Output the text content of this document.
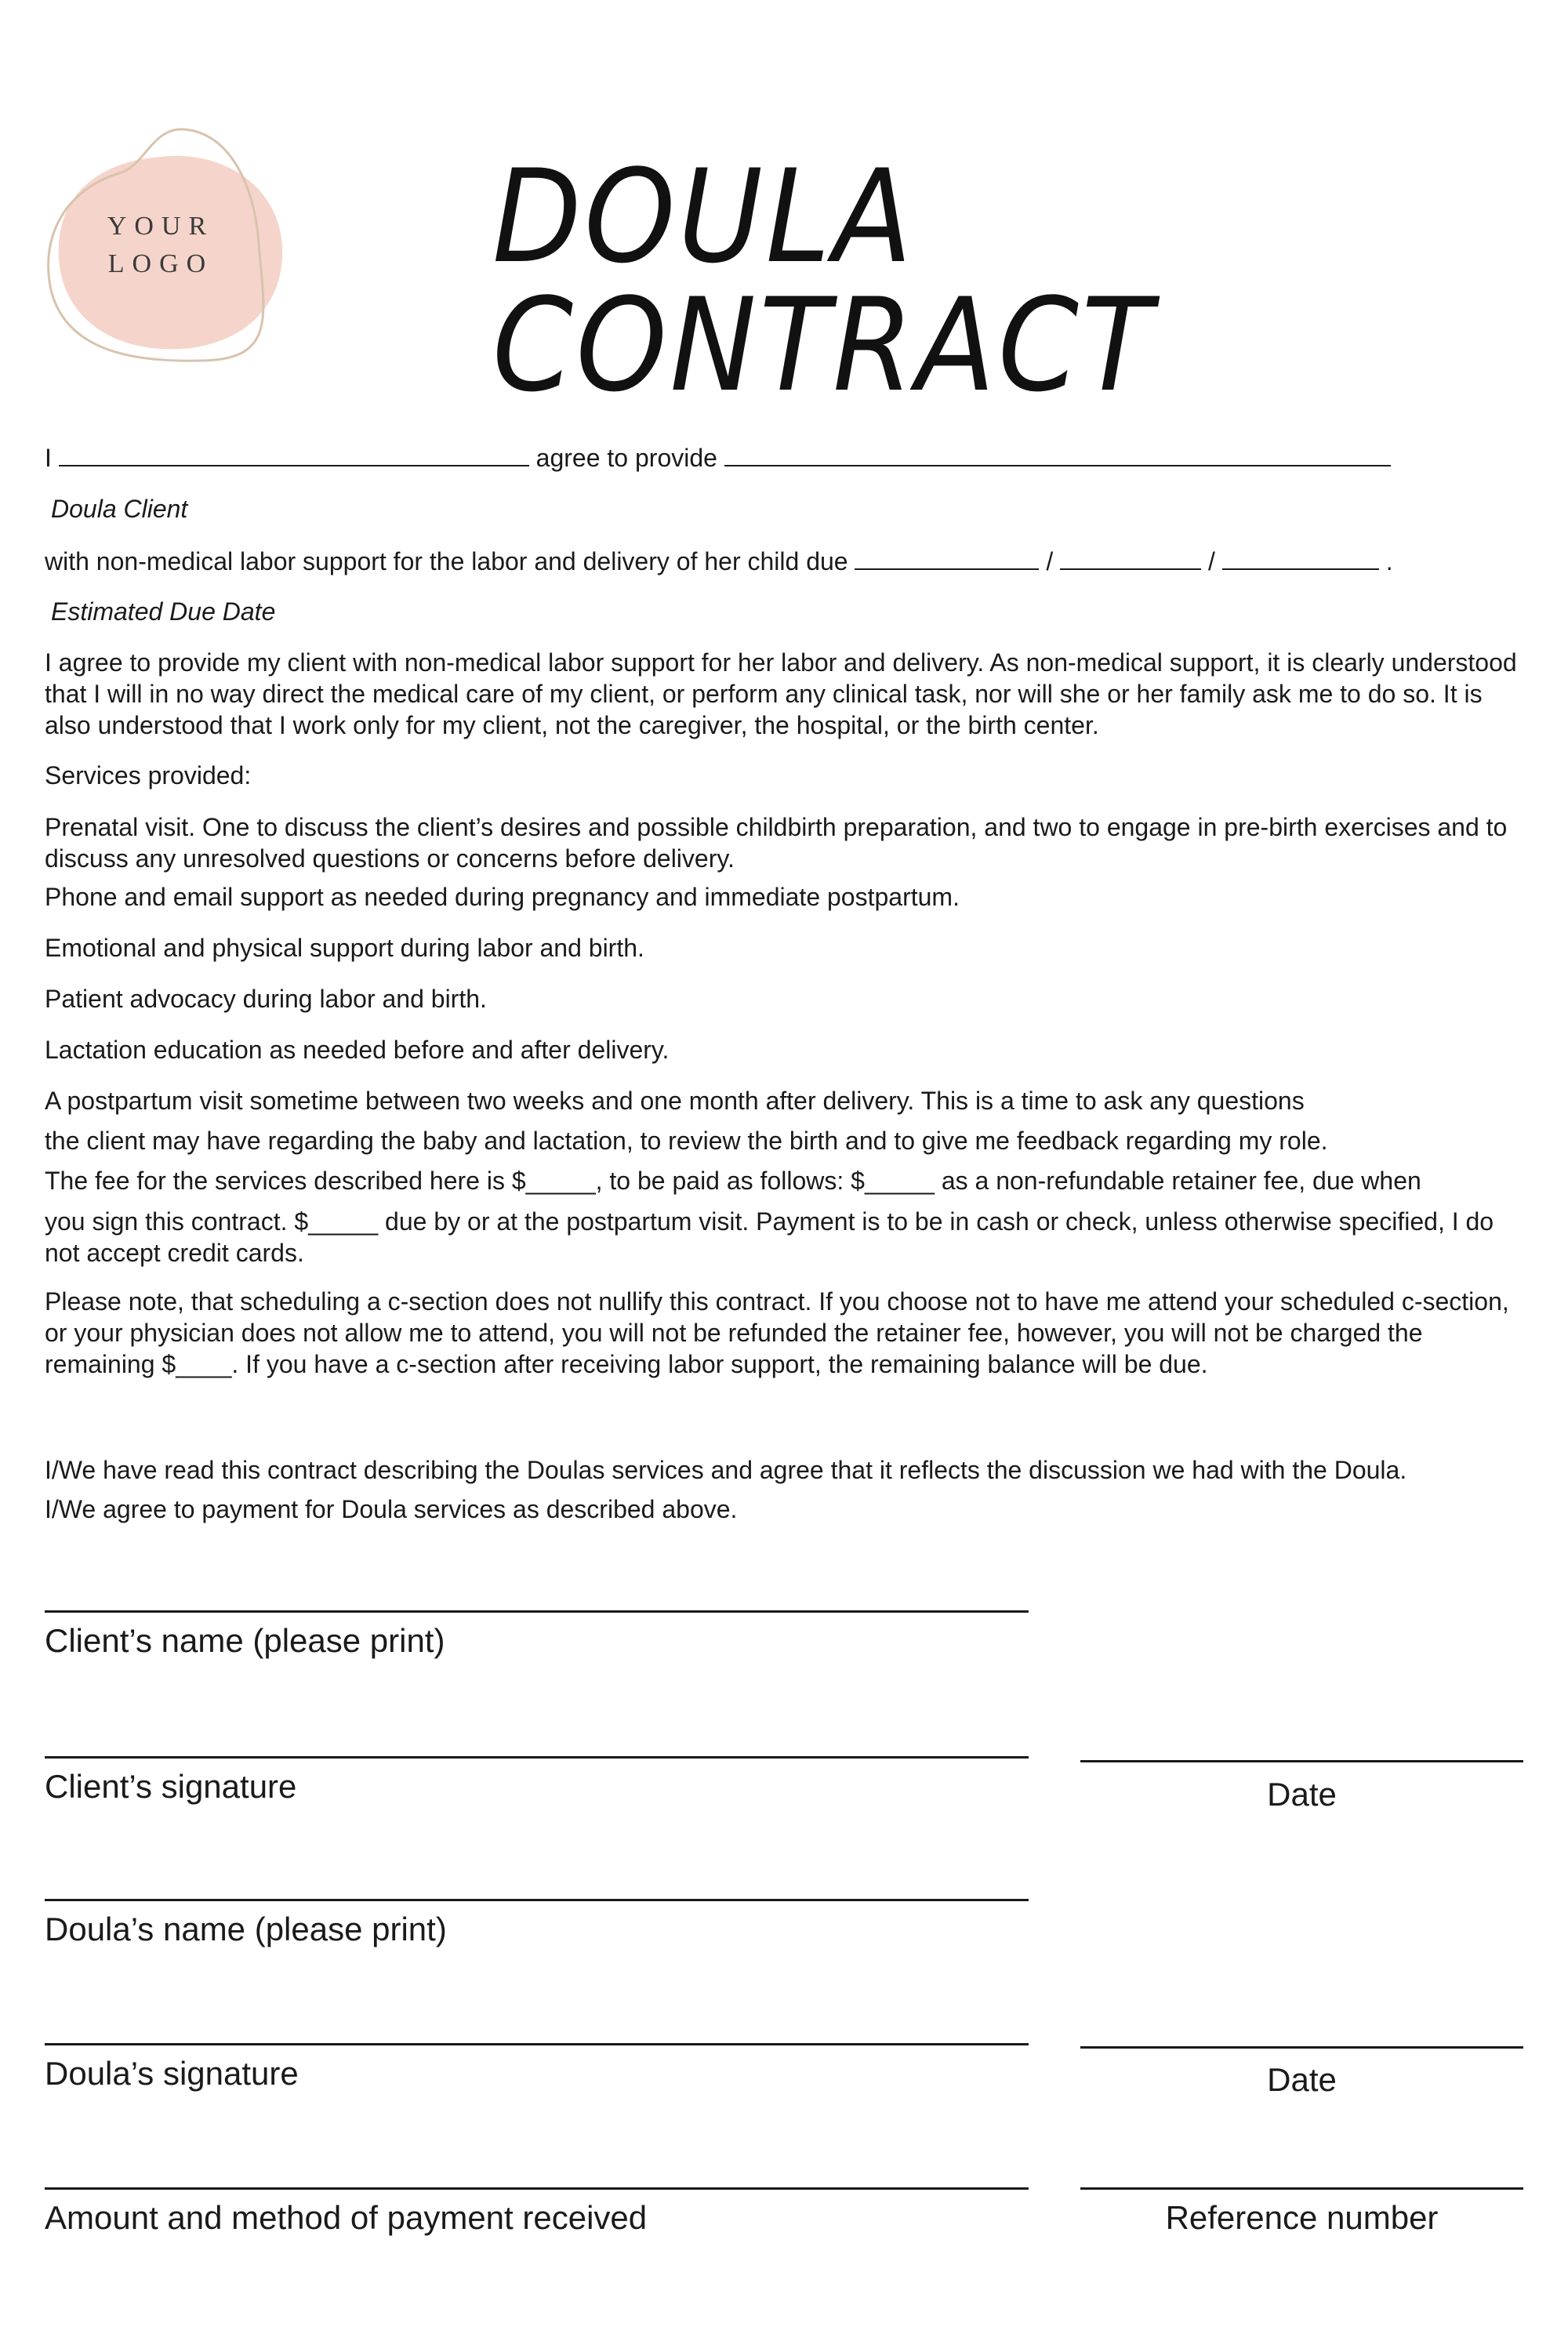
YOUR
LOGO	DOULA CONTRACT
I	agree to provide
Doula Client
with non-medical labor support for the labor and delivery of her child due	/	/	.
Estimated Due Date
I agree to provide my client with non-medical labor support for her labor and delivery. As non-medical support, it is clearly understood that I will in no way direct the medical care of my client, or perform any clinical task, nor will she or her family ask me to do so. It is also understood that I work only for my client, not the caregiver, the hospital, or the birth center.
Services provided:
Prenatal visit. One to discuss the client’s desires and possible childbirth preparation, and two to engage in pre-birth exercises and to discuss any unresolved questions or concerns before delivery.
Phone and email support as needed during pregnancy and immediate postpartum.
Emotional and physical support during labor and birth.
Patient advocacy during labor and birth.
Lactation education as needed before and after delivery.
A postpartum visit sometime between two weeks and one month after delivery. This is a time to ask any questions
the client may have regarding the baby and lactation, to review the birth and to give me feedback regarding my role.
The fee for the services described here is $_____, to be paid as follows: $_____ as a non-refundable retainer fee, due when
you sign this contract. $_____ due by or at the postpartum visit. Payment is to be in cash or check, unless otherwise specified, I do not accept credit cards.
Please note, that scheduling a c-section does not nullify this contract. If you choose not to have me attend your scheduled c-section, or your physician does not allow me to attend, you will not be refunded the retainer fee, however, you will not be charged the remaining $____. If you have a c-section after receiving labor support, the remaining balance will be due.
I/We have read this contract describing the Doulas services and agree that it reflects the discussion we had with the Doula.
I/We agree to payment for Doula services as described above.
Client’s name (please print)
Client’s signature	Date
Doula’s name (please print)
Doula’s signature	Date
Amount and method of payment received	Reference number
